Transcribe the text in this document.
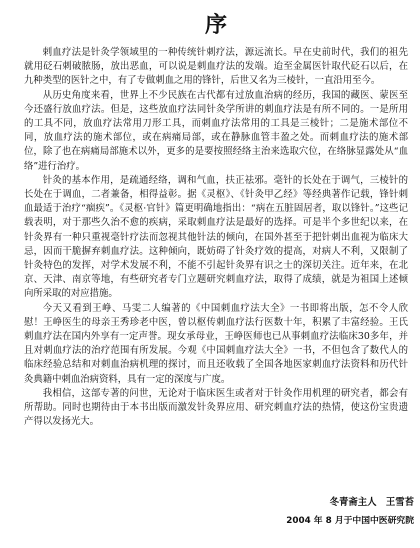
序

剌血疗法是针灸学领域里的一种传统针刺疗法，源远流长。早在史前时代，我们的祖先就用砭石刺破脓肠，放出恶血，可以说是刺血疗法的发端。迨至金属医针取代砭石以后，在九种类型的医针之中，有了专做刺血之用的锋针，后世又名为三棱针，一直沿用至今。

从历史角度来看，世界上不少民族在古代都有过放血治病的经历，我国的藏医、蒙医至今还盛行放血疗法。但是，这些放血疗法同针灸学所讲的刺血疗法是有所不同的。一是所用的工具不同，放血疗法常用刀形工具，而刺血疗法常用的工具是三棱针；二是施术部位不同，放血疗法的施术部位，或在病痛局部，或在静脉血管丰盈之处。而刺血疗法的施术部位，除了也在病痛局部施术以外，更多的是要按照经络主治来选取穴位，在络脉显露处从“血络”进行治疗。

针灸的基本作用，是疏通经络，调和气血，扶正祛邪。毫针的长处在于调气，三棱针的长处在于调血，二者兼备，相得益彰。据《灵枢》、《针灸甲乙经》等经典著作记载，锋针刺血最适于治疗“痼疾”。《灵枢·官针》篇更明确地指出：“病在五脏固居者，取以锋针。”这些记载表明，对于那些久治不愈的疾病，采取刺血疗法是最好的选择。可是半个多世纪以来，在针灸界有一种只重视毫针疗法而忽视其他针法的倾向，在国外甚至于把针刺出血视为临床大忌，因而干脆摒弃刺血疗法。这种倾向，既妨碍了针灸疗效的提高，对病人不利，又限制了针灸特色的发挥，对学术发展不利，不能不引起针灸界有识之士的深切关注。近年来，在北京、天津、南京等地，有些研究者专门立题研究刺血疗法，取得了成绩，就是为祖国上述倾向所采取的对应措施。

今天又看到王峥、马雯二人编著的《中国刺血疗法大全》一书即将出版，怎不令人欣慰！王峥医生的母亲王秀珍老中医，曾以枢传刺血疗法行医数十年，积累了丰富经验。王氏刺血疗法在国内外享有一定声誉。现女承母业，王峥医师也已从事刺血疗法临床30多年，并且对刺血疗法的治疗范围有所发展。今观《中国刺血疗法大全》一书，不但包含了数代人的临床经验总结和对刺血治病机理的探讨，而且还收载了全国各地医家刺血疗法资料和历代针灸典籍中刺血治病资料，具有一定的深度与广度。

我相信，这部专著的问世，无论对于临床医生或者对于针灸作用机理的研究者，都会有所帮助。同时也期待由于本书出版而激发针灸界应用、研究刺血疗法的热情，使这份宝贵遗产得以发扬光大。

冬青斋主人　王雪苔
2004 年 8 月于中国中医研究院
